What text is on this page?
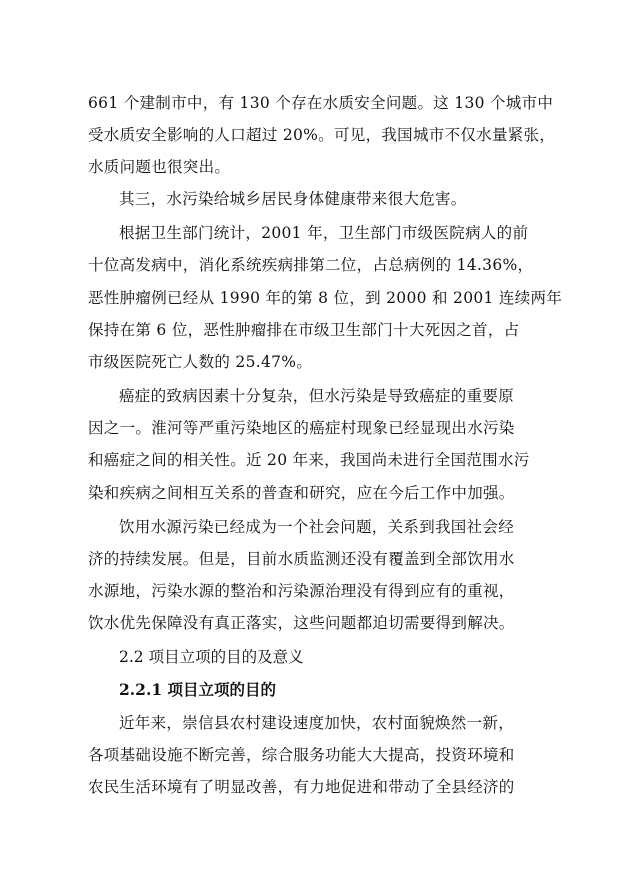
661 个建制市中，有 130 个存在水质安全问题。这 130 个城市中
受水质安全影响的人口超过 20%。可见，我国城市不仅水量紧张，
水质问题也很突出。
其三，水污染给城乡居民身体健康带来很大危害。
根据卫生部门统计，2001 年，卫生部门市级医院病人的前
十位高发病中，消化系统疾病排第二位，占总病例的 14.36%，
恶性肿瘤例已经从 1990 年的第 8 位，到 2000 和 2001 连续两年
保持在第 6 位，恶性肿瘤排在市级卫生部门十大死因之首，占
市级医院死亡人数的 25.47%。
癌症的致病因素十分复杂，但水污染是导致癌症的重要原
因之一。淮河等严重污染地区的癌症村现象已经显现出水污染
和癌症之间的相关性。近 20 年来，我国尚未进行全国范围水污
染和疾病之间相互关系的普查和研究，应在今后工作中加强。
饮用水源污染已经成为一个社会问题，关系到我国社会经
济的持续发展。但是，目前水质监测还没有覆盖到全部饮用水
水源地，污染水源的整治和污染源治理没有得到应有的重视，
饮水优先保障没有真正落实，这些问题都迫切需要得到解决。
2.2 项目立项的目的及意义
2.2.1 项目立项的目的
近年来，崇信县农村建设速度加快，农村面貌焕然一新，
各项基础设施不断完善，综合服务功能大大提高，投资环境和
农民生活环境有了明显改善，有力地促进和带动了全县经济的
